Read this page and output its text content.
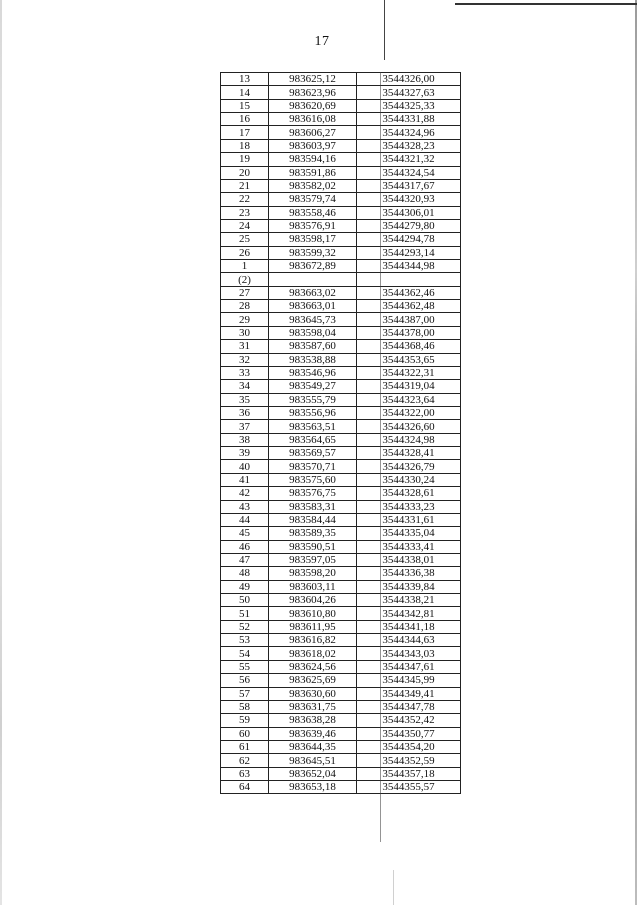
17
13	983625,12	3544326,00
14	983623,96	3544327,63
15	983620,69	3544325,33
16	983616,08	3544331,88
17	983606,27	3544324,96
18	983603,97	3544328,23
19	983594,16	3544321,32
20	983591,86	3544324,54
21	983582,02	3544317,67
22	983579,74	3544320,93
23	983558,46	3544306,01
24	983576,91	3544279,80
25	983598,17	3544294,78
26	983599,32	3544293,14
1	983672,89	3544344,98
(2)		
27	983663,02	3544362,46
28	983663,01	3544362,48
29	983645,73	3544387,00
30	983598,04	3544378,00
31	983587,60	3544368,46
32	983538,88	3544353,65
33	983546,96	3544322,31
34	983549,27	3544319,04
35	983555,79	3544323,64
36	983556,96	3544322,00
37	983563,51	3544326,60
38	983564,65	3544324,98
39	983569,57	3544328,41
40	983570,71	3544326,79
41	983575,60	3544330,24
42	983576,75	3544328,61
43	983583,31	3544333,23
44	983584,44	3544331,61
45	983589,35	3544335,04
46	983590,51	3544333,41
47	983597,05	3544338,01
48	983598,20	3544336,38
49	983603,11	3544339,84
50	983604,26	3544338,21
51	983610,80	3544342,81
52	983611,95	3544341,18
53	983616,82	3544344,63
54	983618,02	3544343,03
55	983624,56	3544347,61
56	983625,69	3544345,99
57	983630,60	3544349,41
58	983631,75	3544347,78
59	983638,28	3544352,42
60	983639,46	3544350,77
61	983644,35	3544354,20
62	983645,51	3544352,59
63	983652,04	3544357,18
64	983653,18	3544355,57
